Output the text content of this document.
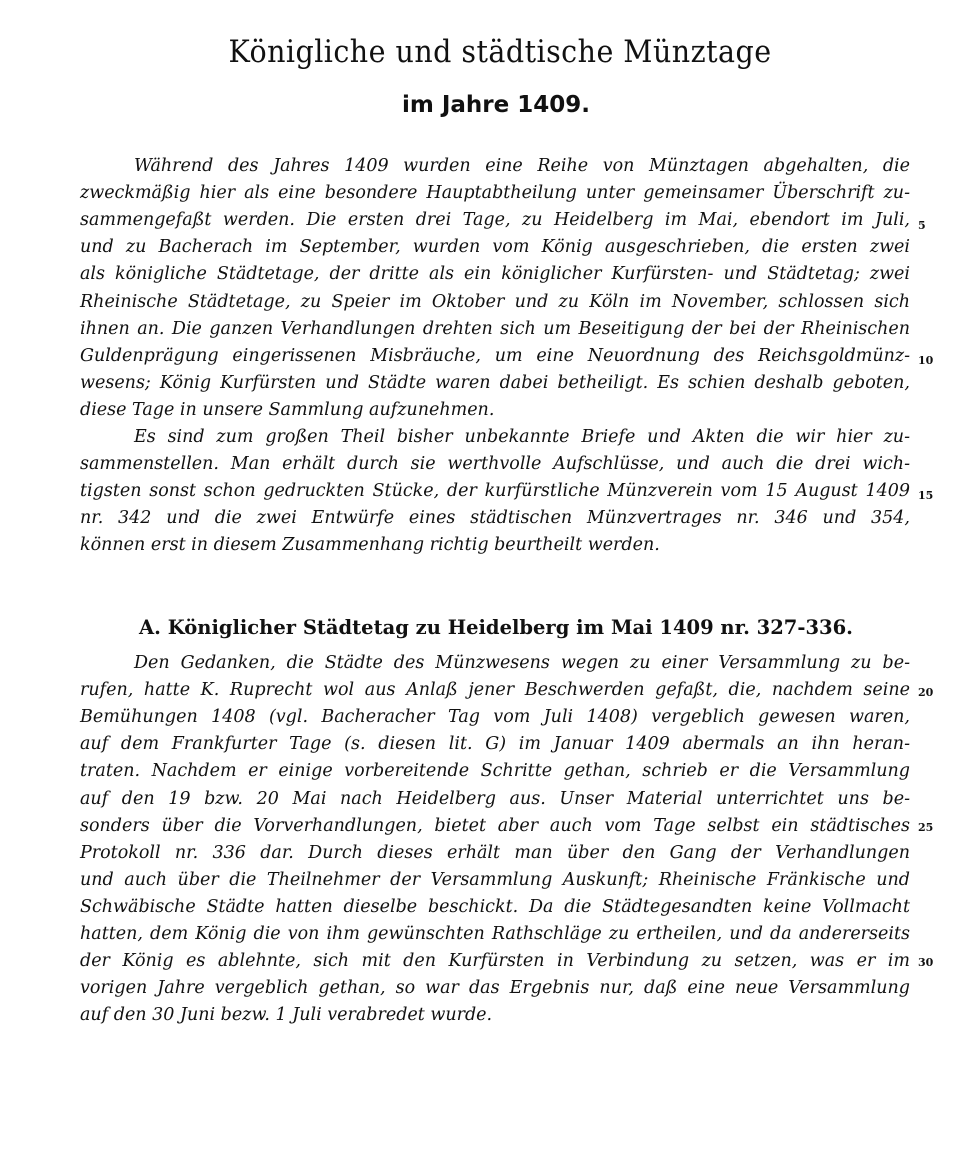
Königliche und städtische Münztage
im Jahre 1409.
Während des Jahres 1409 wurden eine Reihe von Münztagen abgehalten, die
zweckmäßig hier als eine besondere Hauptabtheilung unter gemeinsamer Überschrift zu-
sammengefaßt werden. Die ersten drei Tage, zu Heidelberg im Mai, ebendort im Juli,
und zu Bacherach im September, wurden vom König ausgeschrieben, die ersten zwei
als königliche Städtetage, der dritte als ein königlicher Kurfürsten- und Städtetag; zwei
Rheinische Städtetage, zu Speier im Oktober und zu Köln im November, schlossen sich
ihnen an. Die ganzen Verhandlungen drehten sich um Beseitigung der bei der Rheinischen
Guldenprägung eingerissenen Misbräuche, um eine Neuordnung des Reichsgoldmünz-
wesens; König Kurfürsten und Städte waren dabei betheiligt. Es schien deshalb geboten,
diese Tage in unsere Sammlung aufzunehmen.
Es sind zum großen Theil bisher unbekannte Briefe und Akten die wir hier zu-
sammenstellen. Man erhält durch sie werthvolle Aufschlüsse, und auch die drei wich-
tigsten sonst schon gedruckten Stücke, der kurfürstliche Münzverein vom 15 August 1409
nr. 342 und die zwei Entwürfe eines städtischen Münzvertrages nr. 346 und 354,
können erst in diesem Zusammenhang richtig beurtheilt werden.
A. Königlicher Städtetag zu Heidelberg im Mai 1409 nr. 327-336.
Den Gedanken, die Städte des Münzwesens wegen zu einer Versammlung zu be-
rufen, hatte K. Ruprecht wol aus Anlaß jener Beschwerden gefaßt, die, nachdem seine
Bemühungen 1408 (vgl. Bacheracher Tag vom Juli 1408) vergeblich gewesen waren,
auf dem Frankfurter Tage (s. diesen lit. G) im Januar 1409 abermals an ihn heran-
traten. Nachdem er einige vorbereitende Schritte gethan, schrieb er die Versammlung
auf den 19 bzw. 20 Mai nach Heidelberg aus. Unser Material unterrichtet uns be-
sonders über die Vorverhandlungen, bietet aber auch vom Tage selbst ein städtisches
Protokoll nr. 336 dar. Durch dieses erhält man über den Gang der Verhandlungen
und auch über die Theilnehmer der Versammlung Auskunft; Rheinische Fränkische und
Schwäbische Städte hatten dieselbe beschickt. Da die Städtegesandten keine Vollmacht
hatten, dem König die von ihm gewünschten Rathschläge zu ertheilen, und da andererseits
der König es ablehnte, sich mit den Kurfürsten in Verbindung zu setzen, was er im
vorigen Jahre vergeblich gethan, so war das Ergebnis nur, daß eine neue Versammlung
auf den 30 Juni bezw. 1 Juli verabredet wurde.
5
10
15
20
25
30
